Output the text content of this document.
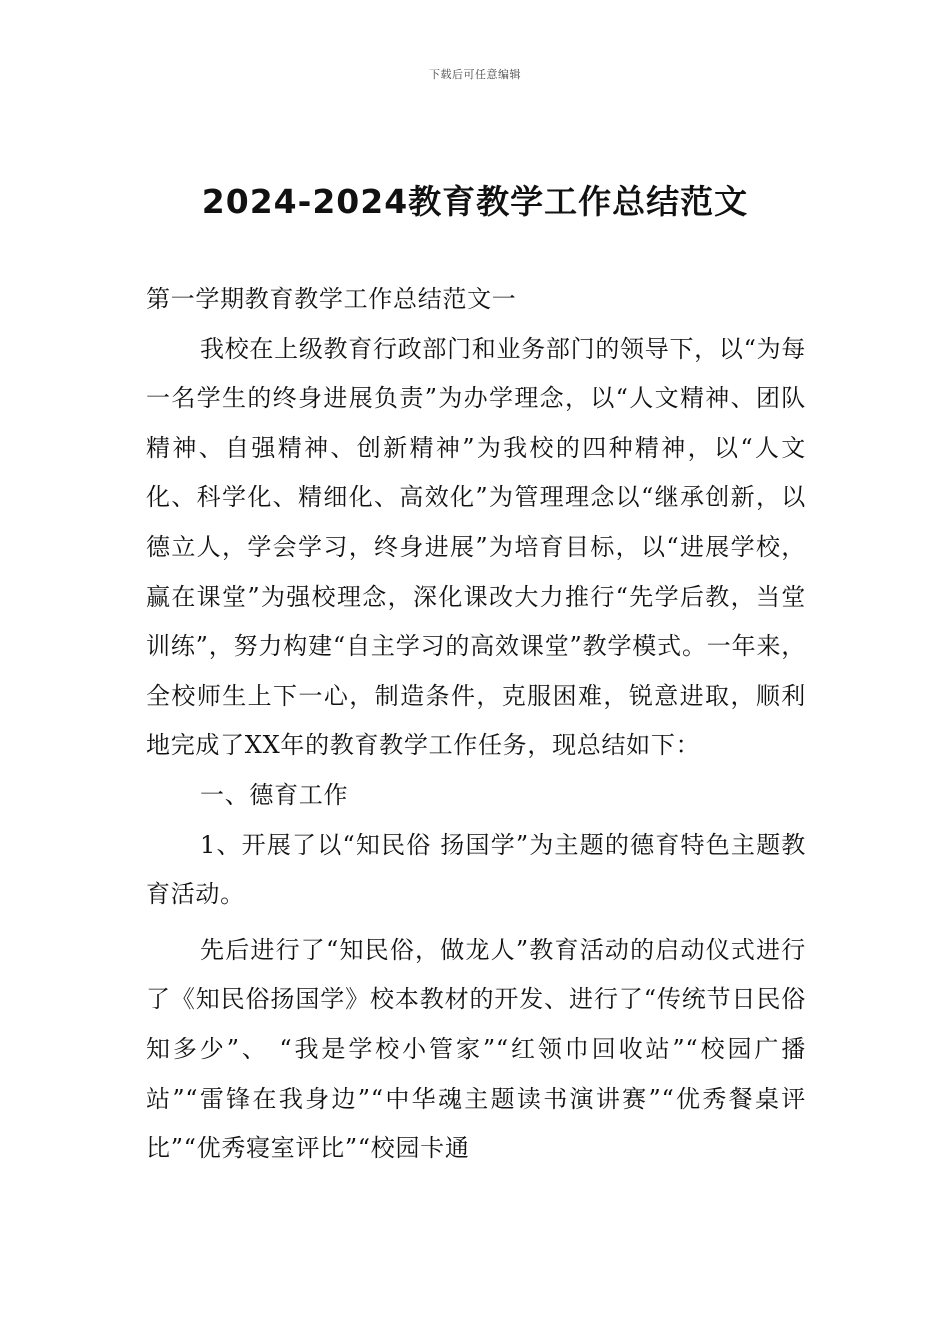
下载后可任意编辑
2024-2024教育教学工作总结范文

第一学期教育教学工作总结范文一

我校在上级教育行政部门和业务部门的领导下，以“为每一名学生的终身进展负责”为办学理念，以“人文精神、团队精神、自强精神、创新精神”为我校的四种精神，以“人文化、科学化、精细化、高效化”为管理理念以“继承创新，以德立人，学会学习，终身进展”为培育目标，以“进展学校，赢在课堂”为强校理念，深化课改大力推行“先学后教，当堂训练”，努力构建“自主学习的高效课堂”教学模式。一年来，全校师生上下一心，制造条件，克服困难，锐意进取，顺利地完成了XX年的教育教学工作任务，现总结如下：

一、德育工作

1、开展了以“知民俗 扬国学”为主题的德育特色主题教育活动。

先后进行了“知民俗，做龙人”教育活动的启动仪式进行了《知民俗扬国学》校本教材的开发、进行了“传统节日民俗知多少”、 “我是学校小管家”“红领巾回收站”“校园广播站”“雷锋在我身边”“中华魂主题读书演讲赛”“优秀餐桌评比”“优秀寝室评比”“校园卡通
